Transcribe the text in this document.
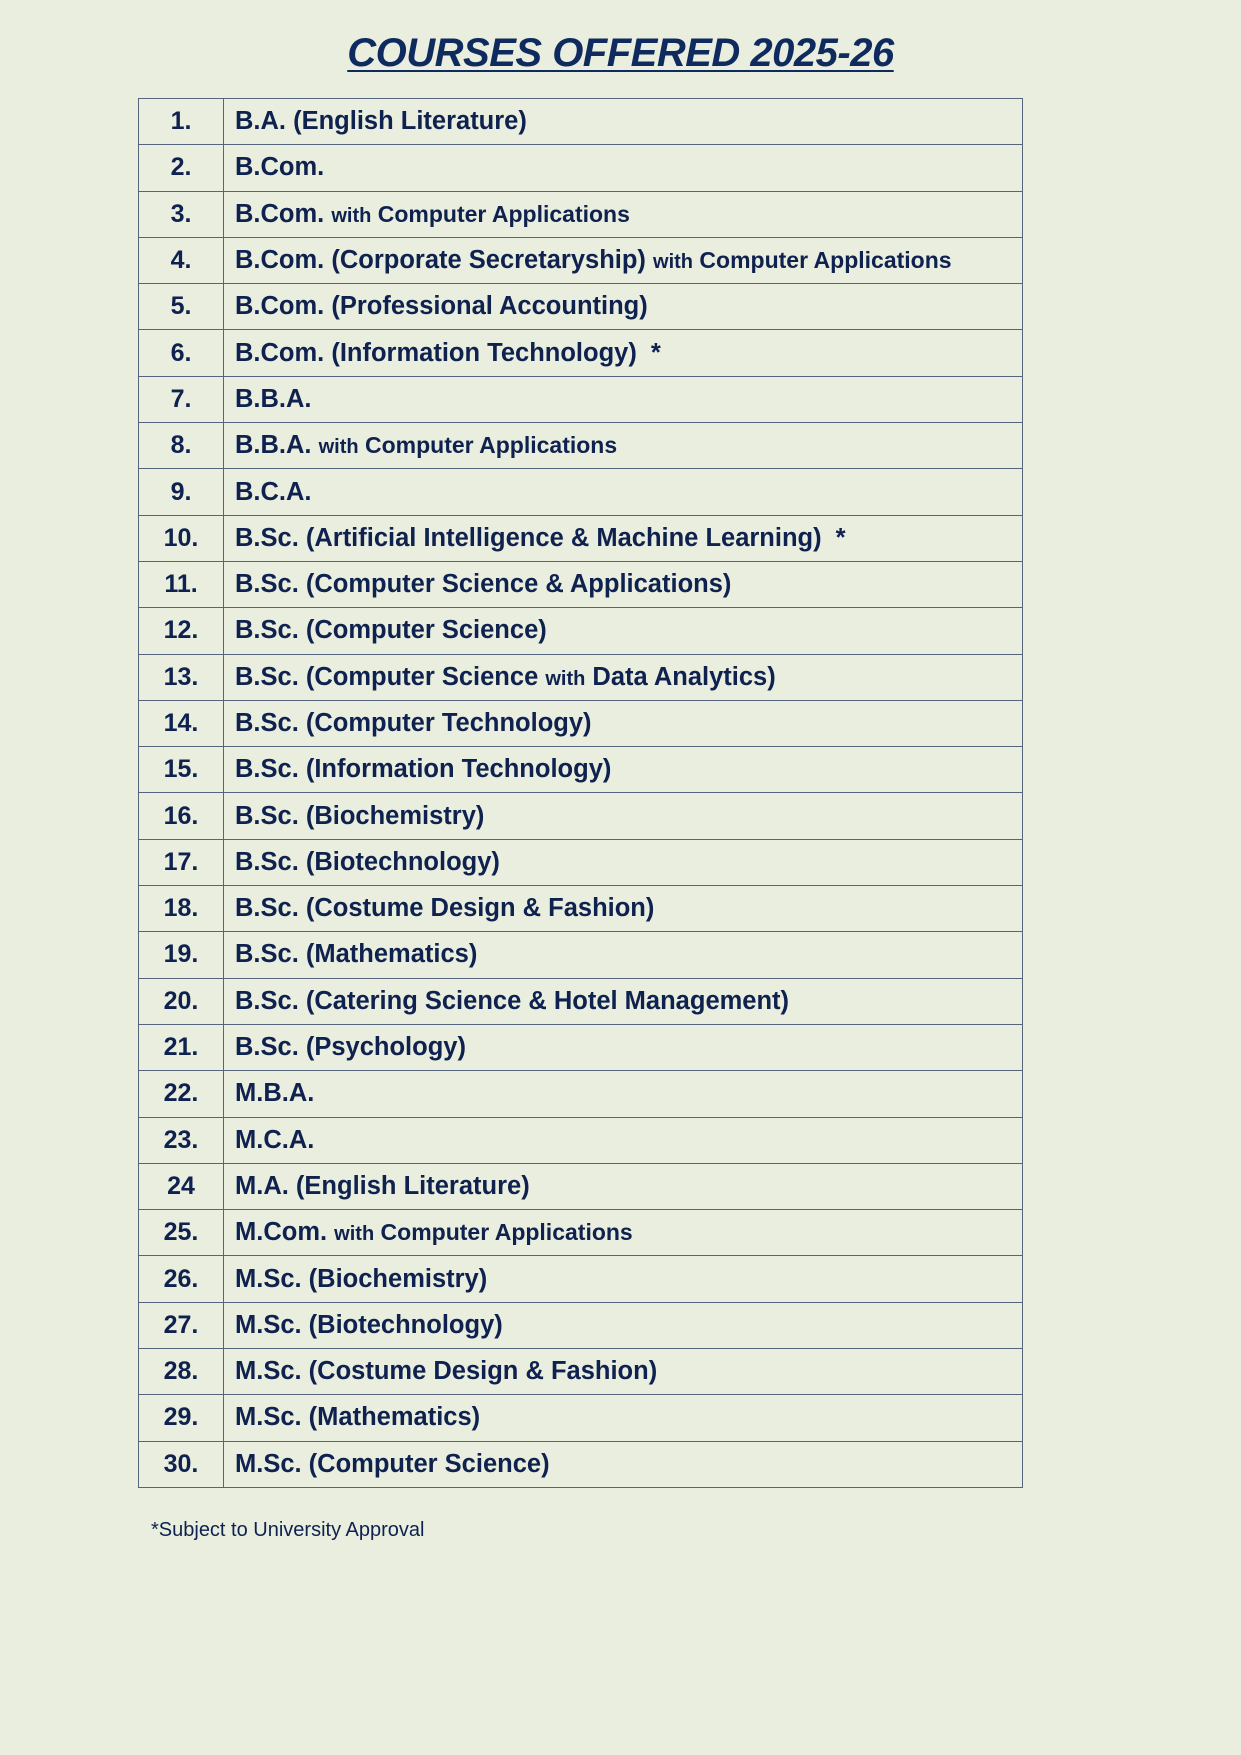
COURSES OFFERED 2025-26
1.	B.A. (English Literature)
2.	B.Com.
3.	B.Com. with Computer Applications
4.	B.Com. (Corporate Secretaryship) with Computer Applications
5.	B.Com. (Professional Accounting)
6.	B.Com. (Information Technology) *
7.	B.B.A.
8.	B.B.A. with Computer Applications
9.	B.C.A.
10.	B.Sc. (Artificial Intelligence & Machine Learning) *
11.	B.Sc. (Computer Science & Applications)
12.	B.Sc. (Computer Science)
13.	B.Sc. (Computer Science with Data Analytics)
14.	B.Sc. (Computer Technology)
15.	B.Sc. (Information Technology)
16.	B.Sc. (Biochemistry)
17.	B.Sc. (Biotechnology)
18.	B.Sc. (Costume Design & Fashion)
19.	B.Sc. (Mathematics)
20.	B.Sc. (Catering Science & Hotel Management)
21.	B.Sc. (Psychology)
22.	M.B.A.
23.	M.C.A.
24	M.A. (English Literature)
25.	M.Com. with Computer Applications
26.	M.Sc. (Biochemistry)
27.	M.Sc. (Biotechnology)
28.	M.Sc. (Costume Design & Fashion)
29.	M.Sc. (Mathematics)
30.	M.Sc. (Computer Science)

*Subject to University Approval
